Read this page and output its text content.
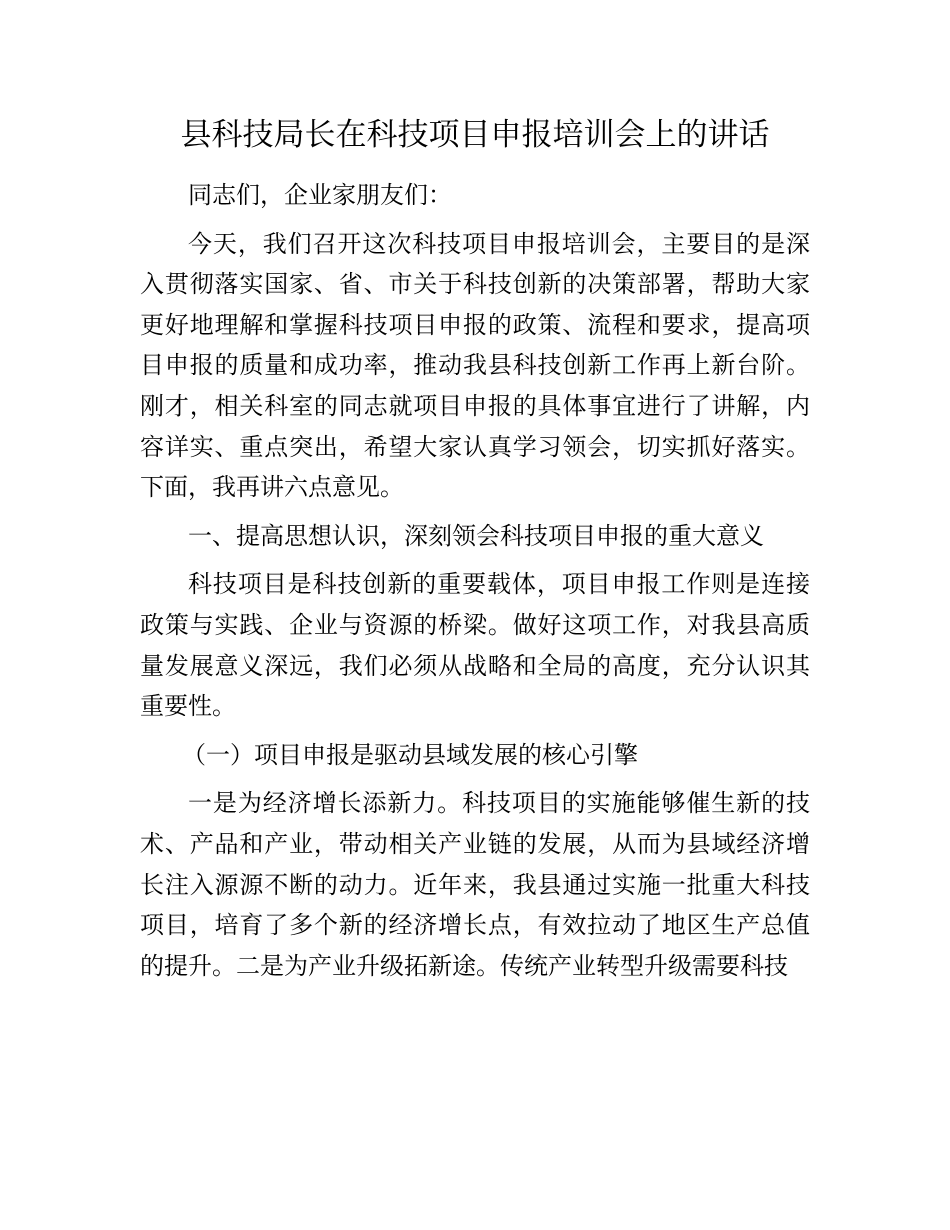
县科技局长在科技项目申报培训会上的讲话

同志们，企业家朋友们：

今天，我们召开这次科技项目申报培训会，主要目的是深入贯彻落实国家、省、市关于科技创新的决策部署，帮助大家更好地理解和掌握科技项目申报的政策、流程和要求，提高项目申报的质量和成功率，推动我县科技创新工作再上新台阶。刚才，相关科室的同志就项目申报的具体事宜进行了讲解，内容详实、重点突出，希望大家认真学习领会，切实抓好落实。下面，我再讲六点意见。

一、提高思想认识，深刻领会科技项目申报的重大意义

科技项目是科技创新的重要载体，项目申报工作则是连接政策与实践、企业与资源的桥梁。做好这项工作，对我县高质量发展意义深远，我们必须从战略和全局的高度，充分认识其重要性。

（一）项目申报是驱动县域发展的核心引擎

一是为经济增长添新力。科技项目的实施能够催生新的技术、产品和产业，带动相关产业链的发展，从而为县域经济增长注入源源不断的动力。近年来，我县通过实施一批重大科技项目，培育了多个新的经济增长点，有效拉动了地区生产总值的提升。二是为产业升级拓新途。传统产业转型升级需要科技
